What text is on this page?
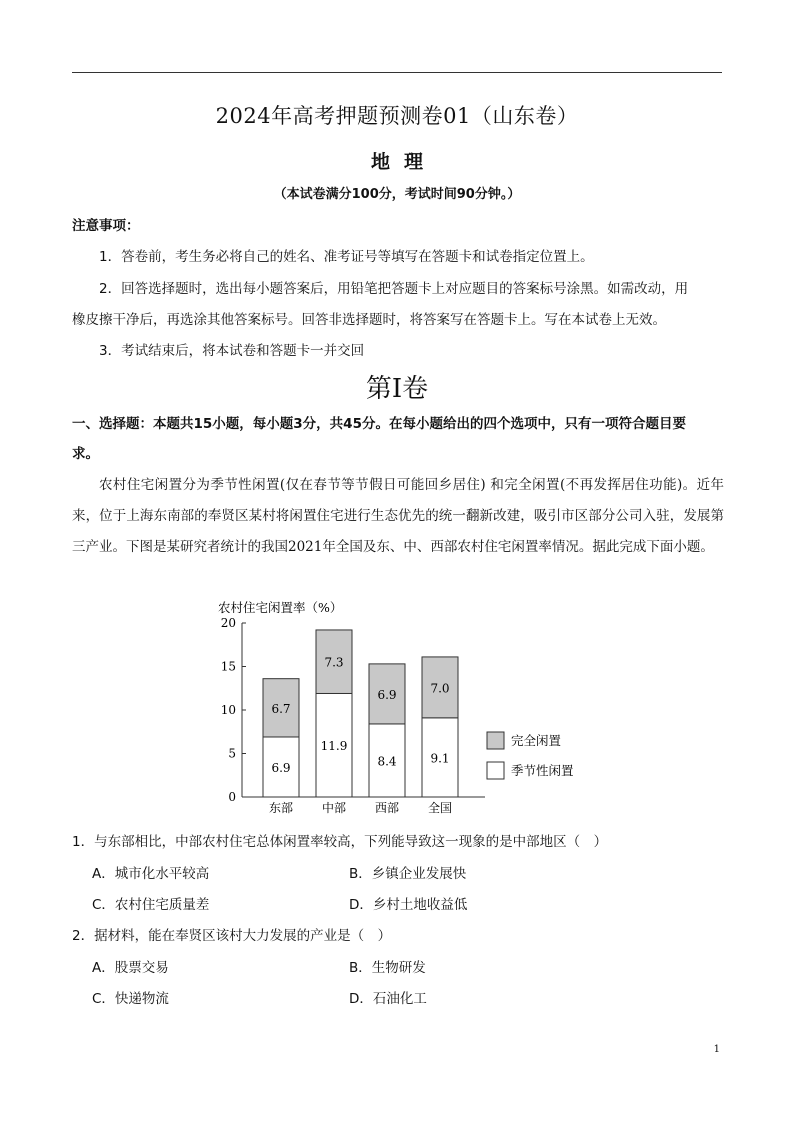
2024年高考押题预测卷01（山东卷）
地理
（本试卷满分100分，考试时间90分钟。）
注意事项：
1．答卷前，考生务必将自己的姓名、准考证号等填写在答题卡和试卷指定位置上。
2．回答选择题时，选出每小题答案后，用铅笔把答题卡上对应题目的答案标号涂黑。如需改动，用
橡皮擦干净后，再选涂其他答案标号。回答非选择题时，将答案写在答题卡上。写在本试卷上无效。
3．考试结束后，将本试卷和答题卡一并交回
第Ⅰ卷
一、选择题：本题共15小题，每小题3分，共45分。在每小题给出的四个选项中，只有一项符合题目要
求。
农村住宅闲置分为季节性闲置(仅在春节等节假日可能回乡居住) 和完全闲置(不再发挥居住功能)。近年来，位于上海东南部的奉贤区某村将闲置住宅进行生态优先的统一翻新改建，吸引市区部分公司入驻，发展第三产业。下图是某研究者统计的我国2021年全国及东、中、西部农村住宅闲置率情况。据此完成下面小题。
农村住宅闲置率（%）
0
5
10
15
20
6.9
6.7
11.9
7.3
8.4
6.9
9.1
7.0
东部 中部 西部 全国
完全闲置
季节性闲置
1．与东部相比，中部农村住宅总体闲置率较高，下列能导致这一现象的是中部地区（　）
A．城市化水平较高	B．乡镇企业发展快
C．农村住宅质量差	D．乡村土地收益低
2．据材料，能在奉贤区该村大力发展的产业是（　）
A．股票交易	B．生物研发
C．快递物流	D．石油化工
1
